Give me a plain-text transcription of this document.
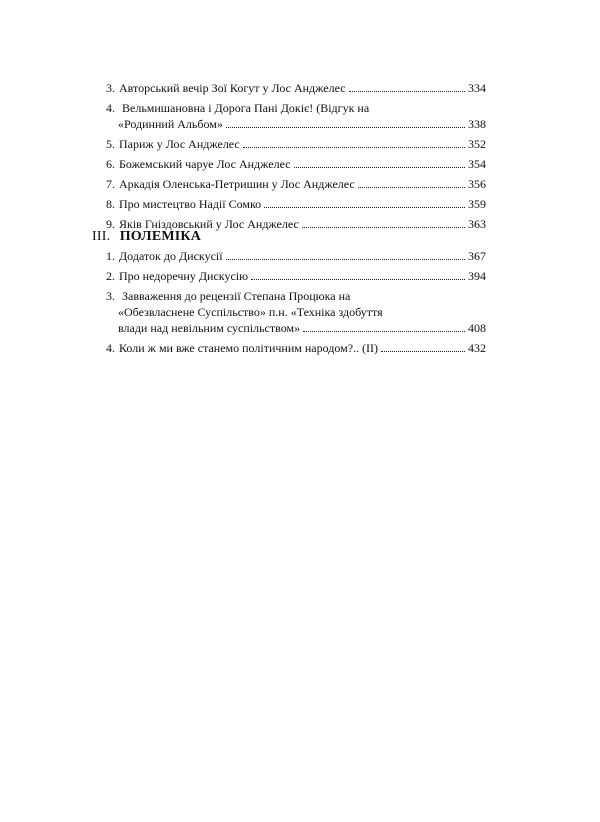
3. Авторський вечір Зої Когут у Лос Анджелес	334
4. Вельмишановна і Дорога Пані Докіє! (Відгук на
«Родинний Альбом»	338
5. Париж у Лос Анджелес	352
6. Божемський чаруе Лос Анджелес	354
7. Аркадія Оленська-Петришин у Лос Анджелес	356
8. Про мистецтво Надії Сомко	359
9. Яків Гніздовський у Лос Анджелес	363
III. ПОЛЕМІКА
1. Додаток до Дискусії	367
2. Про недоречну Дискусію	394
3. Завваження до рецензії Степана Процюка на
«Обезвласнене Суспільство» п.н. «Техніка здобуття
влади над невільним суспільством»	408
4. Коли ж ми вже станемо політичним народом?.. (II)	432
